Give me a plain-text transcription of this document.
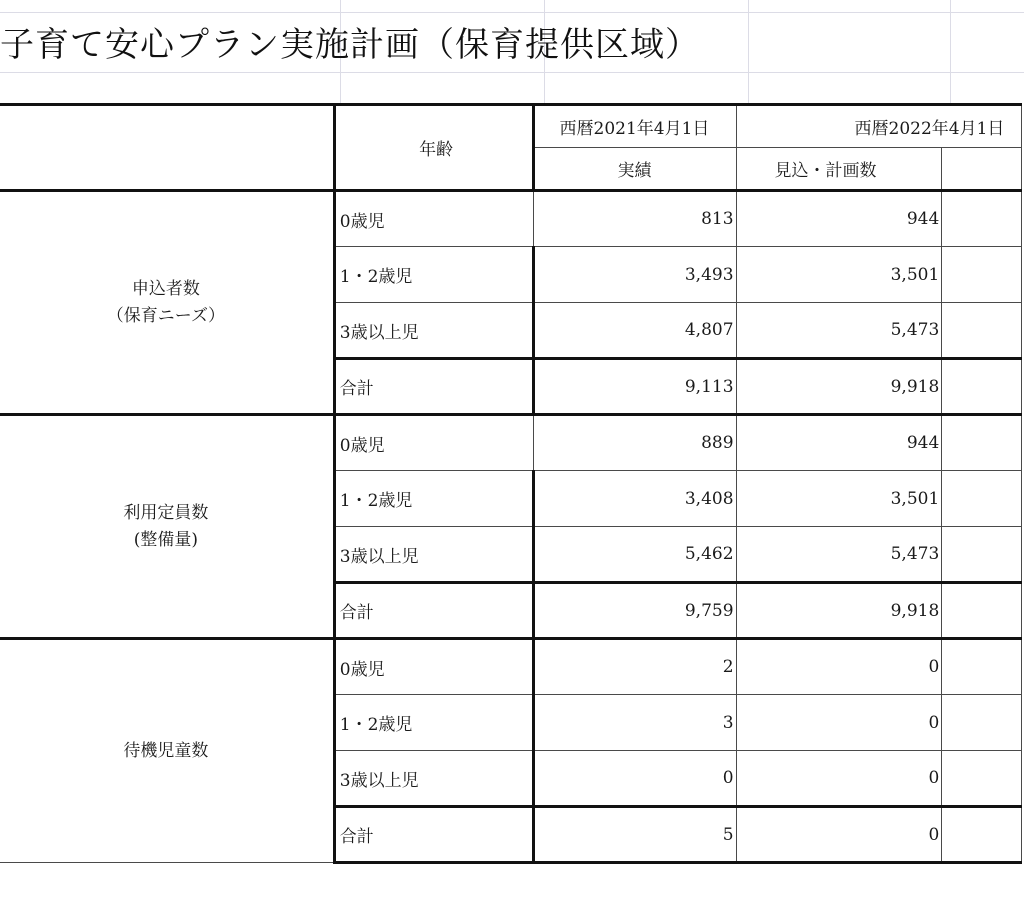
子育て安心プラン実施計画（保育提供区域）
	年齢	西暦2021年4月1日	西暦2022年4月1日	
		実績	見込・計画数	

申込者数
（保育ニーズ）	0歳児	813	944	
	1・2歳児	3,493	3,501	
	3歳以上児	4,807	5,473	
	合計	9,113	9,918	

利用定員数
(整備量)	0歳児	889	944	
	1・2歳児	3,408	3,501	
	3歳以上児	5,462	5,473	
	合計	9,759	9,918	

待機児童数	0歳児	2	0	
	1・2歳児	3	0	
	3歳以上児	0	0	
	合計	5	0	
